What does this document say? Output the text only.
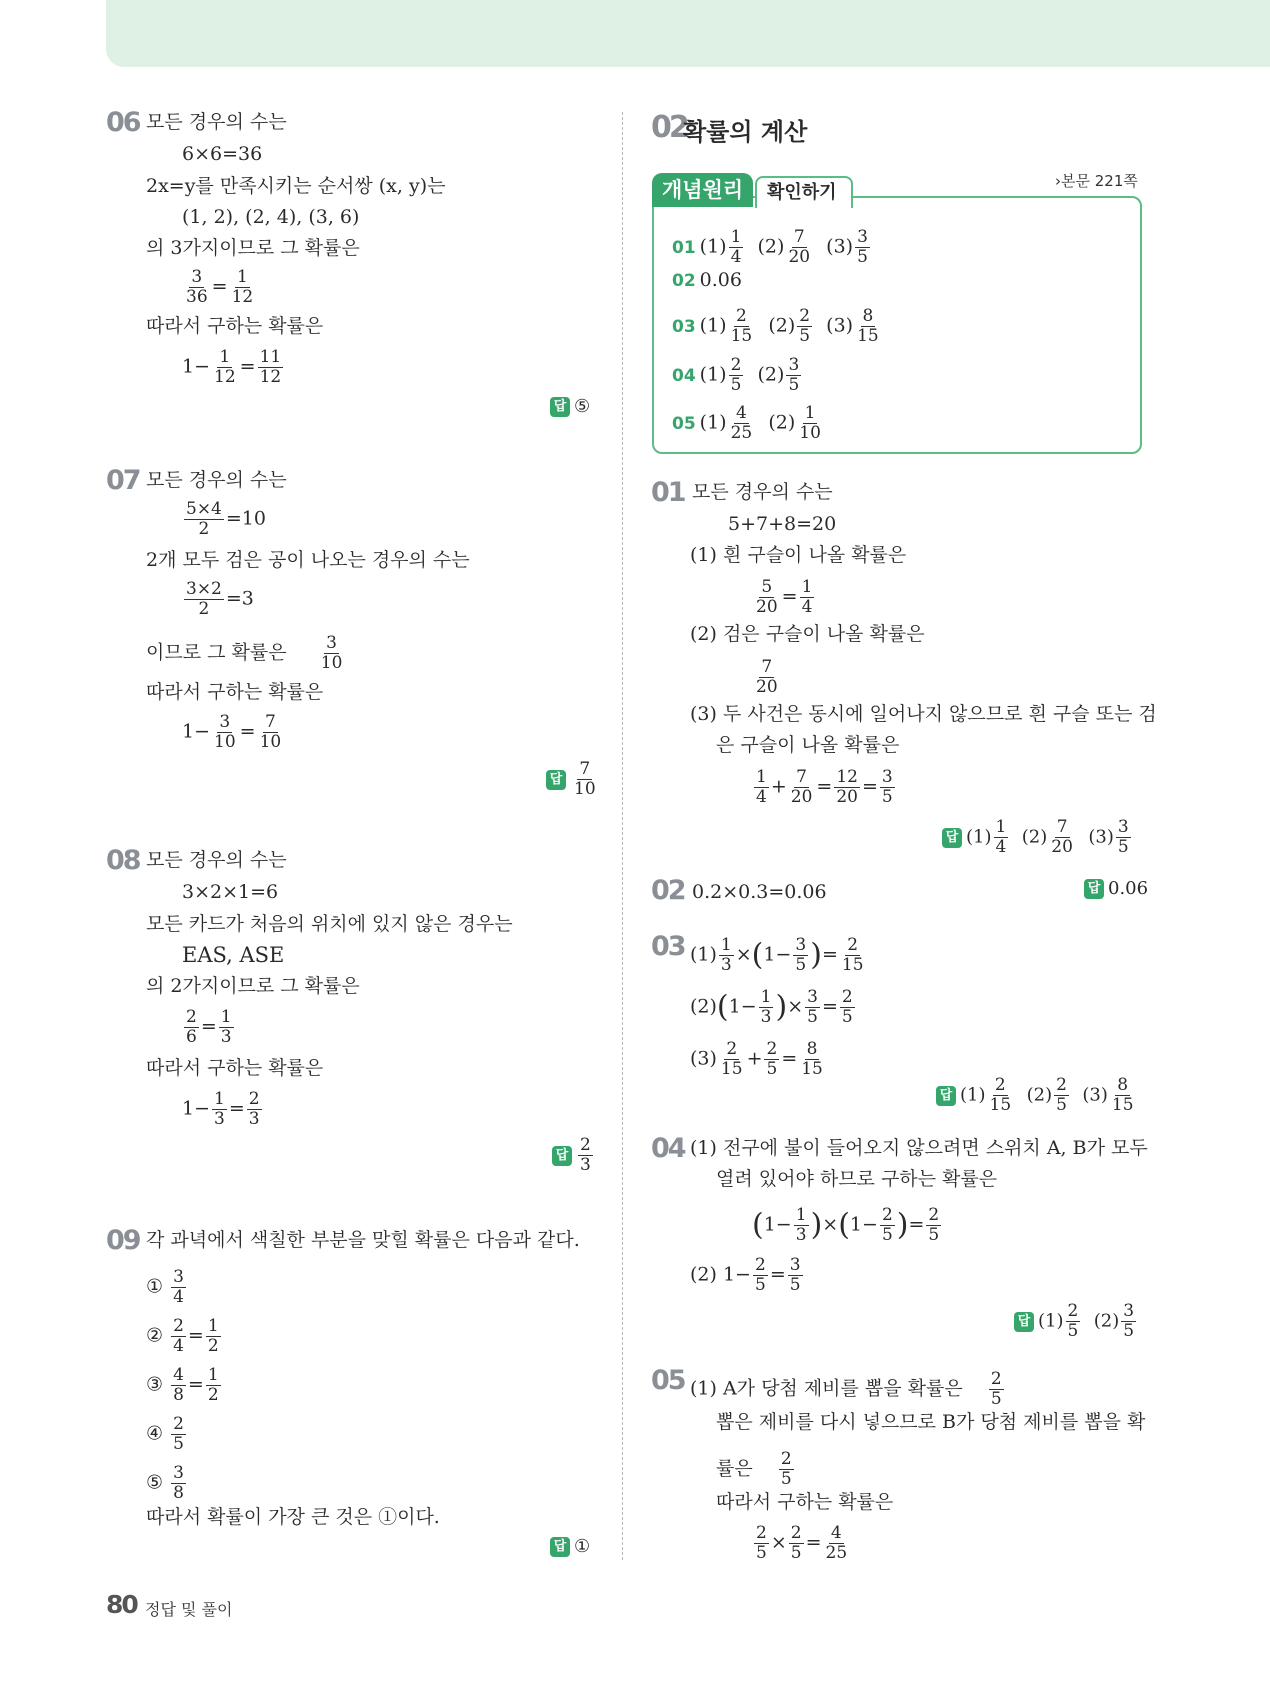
06 모든 경우의 수는
6×6=36
2x=y를 만족시키는 순서쌍 (x, y)는
(1, 2), (2, 4), (3, 6)
의 3가지이므로 그 확률은
$\frac{3}{36} = \frac{1}{12}$
따라서 구하는 확률은
$1- \frac{1}{12} = \frac{11}{12}$
답 ⑤
07 모든 경우의 수는
$\frac{5\times 4}{2} =10$
2개 모두 검은 공이 나오는 경우의 수는
$\frac{3\times 2}{2} =3$
이므로 그 확률은 $\frac{3}{10}$
따라서 구하는 확률은
$1- \frac{3}{10} = \frac{7}{10}$
답 $\frac{7}{10}$
08 모든 경우의 수는
3×2×1=6
모든 카드가 처음의 위치에 있지 않은 경우는
EAS, ASE
의 2가지이므로 그 확률은
$\frac{2}{6} = \frac{1}{3}$
따라서 구하는 확률은
$1- \frac{1}{3} = \frac{2}{3}$
답 $\frac{2}{3}$
09 각 과녁에서 색칠한 부분을 맞힐 확률은 다음과 같다.
① $\frac{3}{4}$
② $\frac{2}{4} = \frac{1}{2}$
③ $\frac{4}{8} = \frac{1}{2}$
④ $\frac{2}{5}$
⑤ $\frac{3}{8}$
따라서 확률이 가장 큰 것은 ①이다.
답 ①
02
확률의 계산
›본문 221쪽
개념원리	확인하기
01 $(1) \frac{1}{4} (2) \frac{7}{20} (3) \frac{3}{5}$
02 0.06
03 $(1) \frac{2}{15} (2) \frac{2}{5} (3) \frac{8}{15}$
04 $(1) \frac{2}{5} (2) \frac{3}{5}$
05 $(1) \frac{4}{25} (2) \frac{1}{10}$
01 모든 경우의 수는
5+7+8=20
(1) 흰 구슬이 나올 확률은
$\frac{5}{20} = \frac{1}{4}$
(2) 검은 구슬이 나올 확률은
$\frac{7}{20}$
(3) 두 사건은 동시에 일어나지 않으므로 흰 구슬 또는 검
은 구슬이 나올 확률은
$\frac{1}{4} + \frac{7}{20} = \frac{12}{20} = \frac{3}{5}$
답 $(1) \frac{1}{4} (2) \frac{7}{20} (3) \frac{3}{5}$
02 0.2×0.3=0.06	답 0.06
03 $(1) \frac{1}{3} \times(1- \frac{3}{5}$ )= $\frac{2}{15}$
$(2)(1- \frac{1}{3}$ )× $\frac{3}{5} = \frac{2}{5}$
$(3) \frac{2}{15} + \frac{2}{5} = \frac{8}{15}$
답 $(1) \frac{2}{15} (2) \frac{2}{5} (3) \frac{8}{15}$
04 (1) 전구에 불이 들어오지 않으려면 스위치 A, B가 모두
열려 있어야 하므로 구하는 확률은
$(1- \frac{1}{3} )\times(1- \frac{2}{5}$ )= $\frac{2}{5}$
(2) $1- \frac{2}{5} = \frac{3}{5}$
답 $(1) \frac{2}{5} (2) \frac{3}{5}$
05 (1) A가 당첨 제비를 뽑을 확률은 $\frac{2}{5}$
뽑은 제비를 다시 넣으므로 B가 당첨 제비를 뽑을 확
률은 $\frac{2}{5}$
따라서 구하는 확률은
$\frac{2}{5} \times \frac{2}{5} = \frac{4}{25}$
80 정답 및 풀이
